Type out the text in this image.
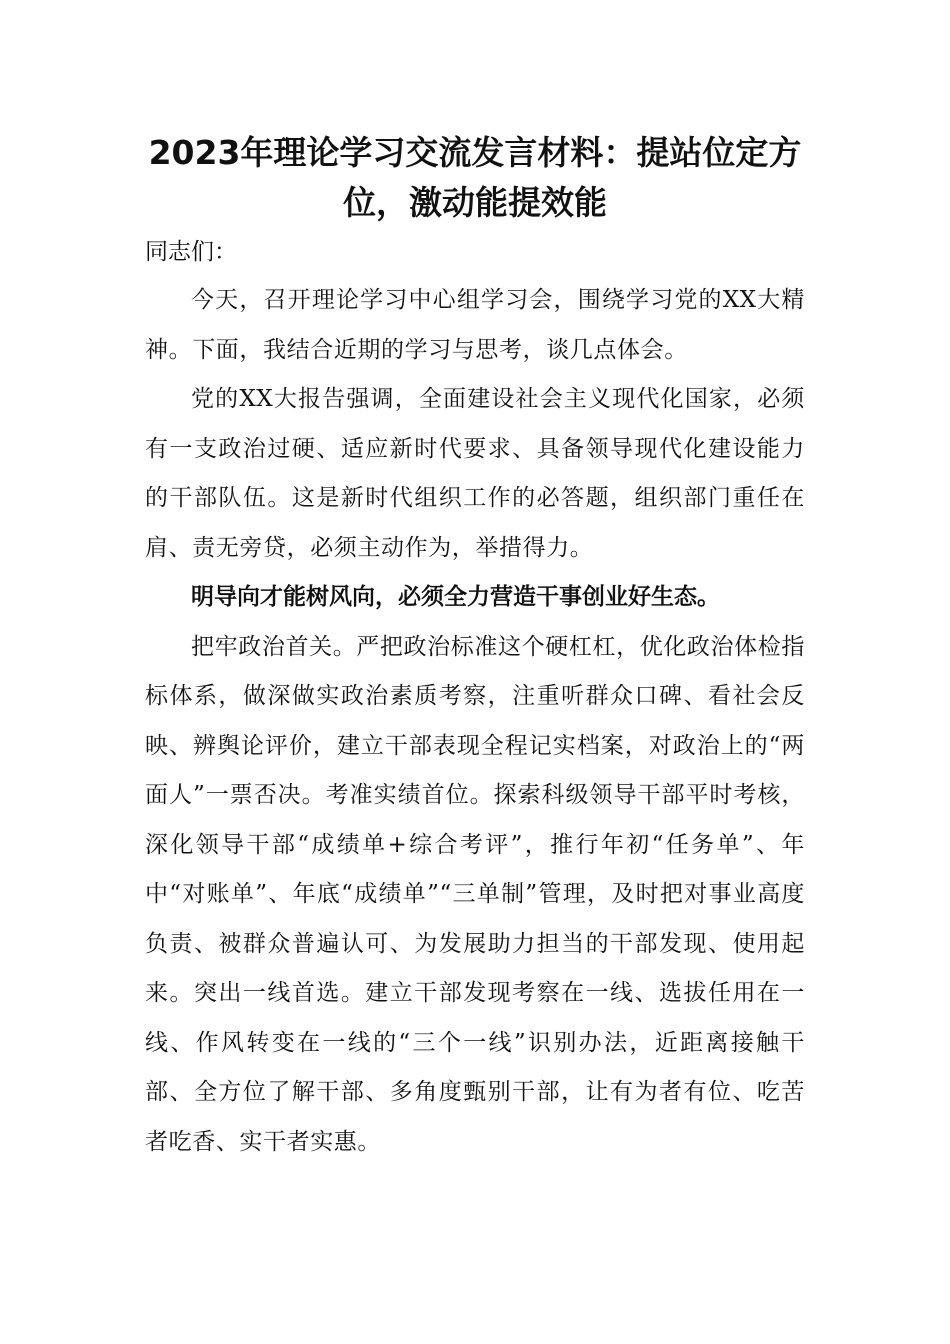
2023年理论学习交流发言材料：提站位定方位，激动能提效能

同志们：

今天，召开理论学习中心组学习会，围绕学习党的XX大精神。下面，我结合近期的学习与思考，谈几点体会。

党的XX大报告强调，全面建设社会主义现代化国家，必须有一支政治过硬、适应新时代要求、具备领导现代化建设能力的干部队伍。这是新时代组织工作的必答题，组织部门重任在肩、责无旁贷，必须主动作为，举措得力。

明导向才能树风向，必须全力营造干事创业好生态。

把牢政治首关。严把政治标准这个硬杠杠，优化政治体检指标体系，做深做实政治素质考察，注重听群众口碑、看社会反映、辨舆论评价，建立干部表现全程记实档案，对政治上的“两面人”一票否决。考准实绩首位。探索科级领导干部平时考核，深化领导干部“成绩单+综合考评”，推行年初“任务单”、年中“对账单”、年底“成绩单”“三单制”管理，及时把对事业高度负责、被群众普遍认可、为发展助力担当的干部发现、使用起来。突出一线首选。建立干部发现考察在一线、选拔任用在一线、作风转变在一线的“三个一线”识别办法，近距离接触干部、全方位了解干部、多角度甄别干部，让有为者有位、吃苦者吃香、实干者实惠。
